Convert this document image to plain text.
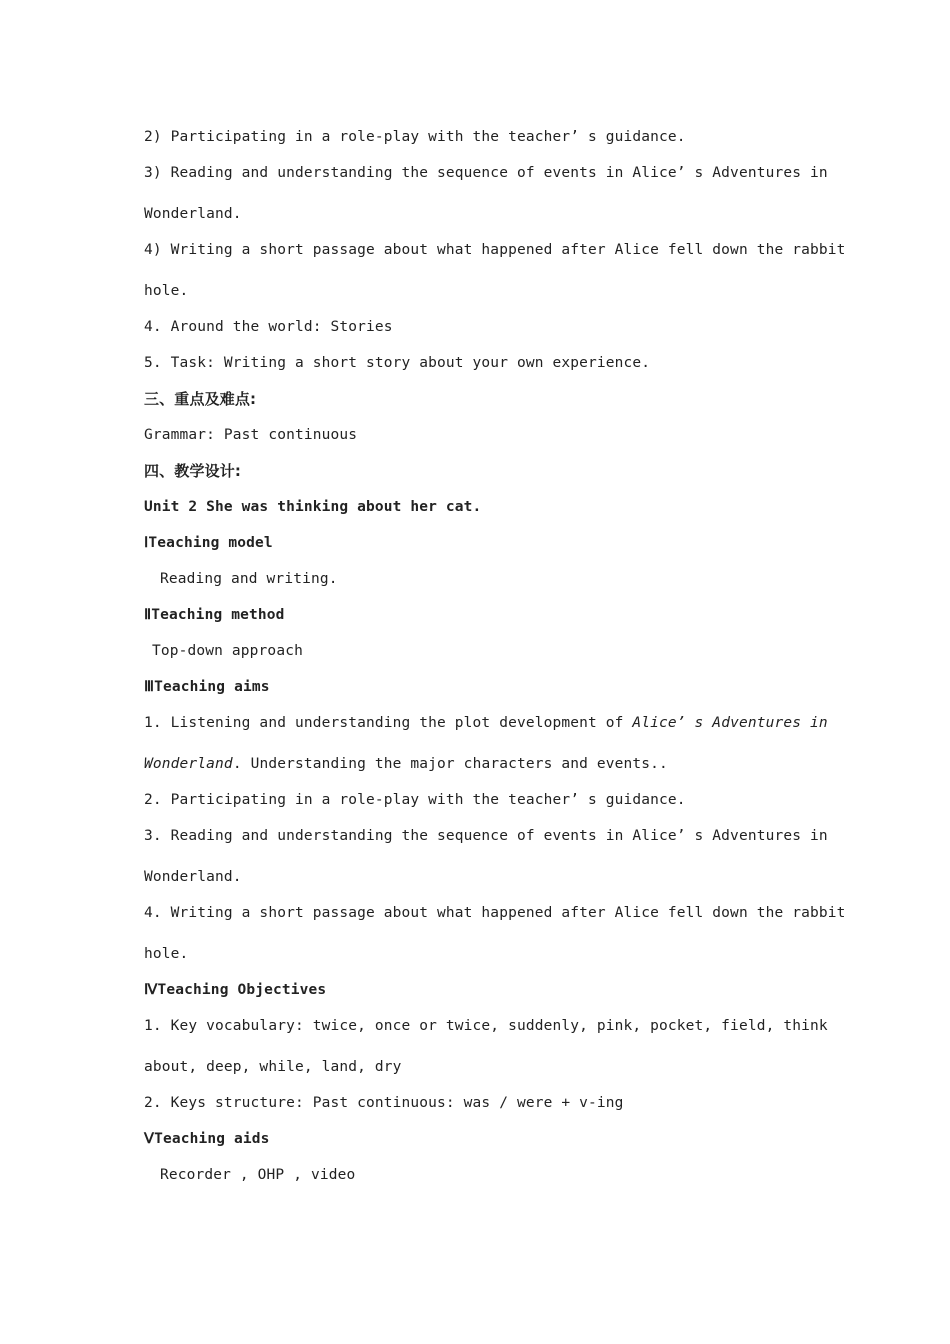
2) Participating in a role-play with the teacher’ s guidance.

3) Reading and understanding the sequence of events in Alice’ s Adventures in

Wonderland.

4) Writing a short passage about what happened after Alice fell down the rabbit

hole.

4. Around the world: Stories

5. Task: Writing a short story about your own experience.

三、重点及难点:

Grammar: Past continuous

四、教学设计:

Unit 2 She was thinking about her cat.

ⅠTeaching model

Reading and writing.

ⅡTeaching method

Top-down approach

ⅢTeaching aims

1. Listening and understanding the plot development of Alice’ s Adventures in

Wonderland. Understanding the major characters and events..

2. Participating in a role-play with the teacher’ s guidance.

3. Reading and understanding the sequence of events in Alice’ s Adventures in

Wonderland.

4. Writing a short passage about what happened after Alice fell down the rabbit

hole.

ⅣTeaching Objectives

1. Key vocabulary: twice, once or twice, suddenly, pink, pocket, field, think

about, deep, while, land, dry

2. Keys structure: Past continuous: was / were + v-ing

ⅤTeaching aids

Recorder , OHP , video
